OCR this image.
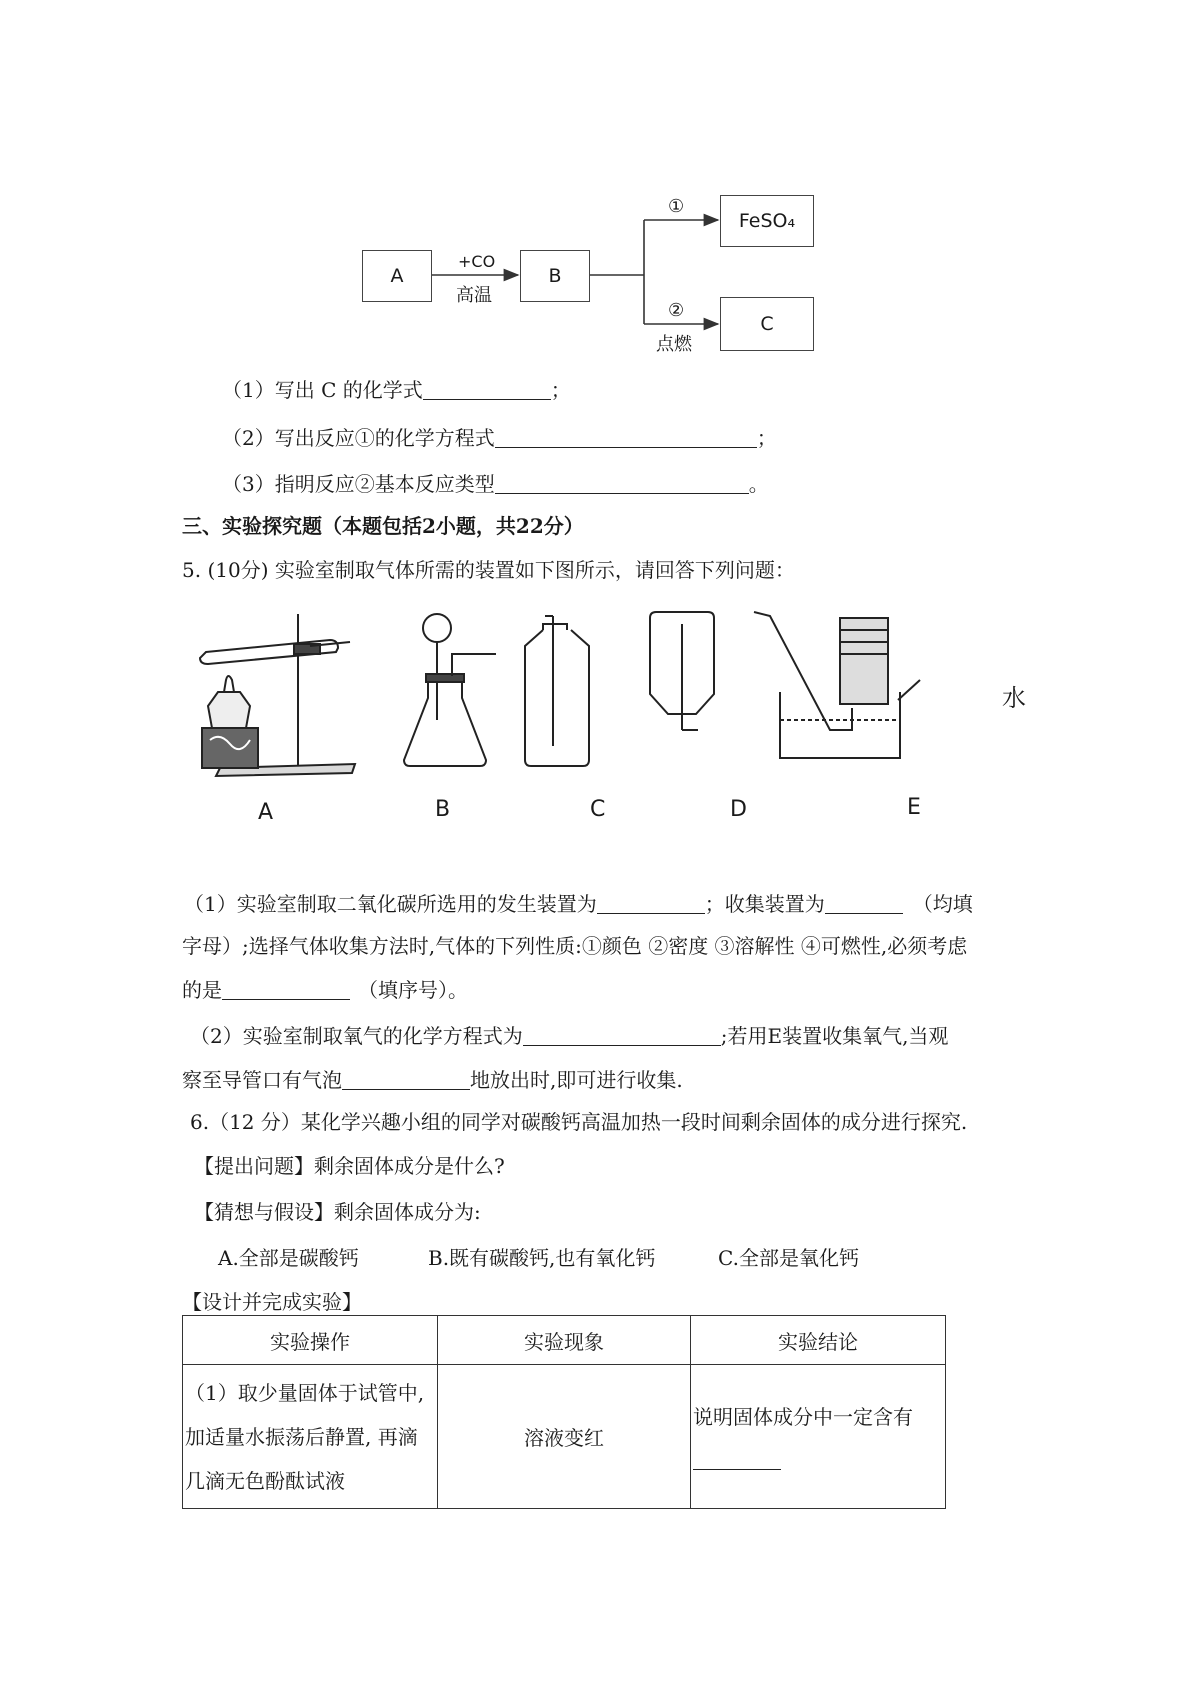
A	B
FeSO₄
C
+CO
高温
①
②
点燃
（1）写出 C 的化学式	；
（2）写出反应①的化学方程式	；
（3）指明反应②基本反应类型	。
三、实验探究题（本题包括2小题，共22分）
5. (10分) 实验室制取气体所需的装置如下图所示，请回答下列问题：
水
A	B	C	D	E
（1）实验室制取二氧化碳所选用的发生装置为	；收集装置为	（均填
字母）;选择气体收集方法时,气体的下列性质:①颜色 ②密度 ③溶解性 ④可燃性,必须考虑
的是	（填序号）。
（2）实验室制取氧气的化学方程式为	;若用E装置收集氧气,当观
察至导管口有气泡	地放出时,即可进行收集.
6.（12 分）某化学兴趣小组的同学对碳酸钙高温加热一段时间剩余固体的成分进行探究.
【提出问题】剩余固体成分是什么?
【猜想与假设】剩余固体成分为:
A.全部是碳酸钙	B.既有碳酸钙,也有氧化钙	C.全部是氧化钙
【设计并完成实验】
实验操作	实验现象	实验结论

（1）取少量固体于试管中,
加适量水振荡后静置, 再滴
几滴无色酚酞试液	溶液变红	说明固体成分中一定含有
